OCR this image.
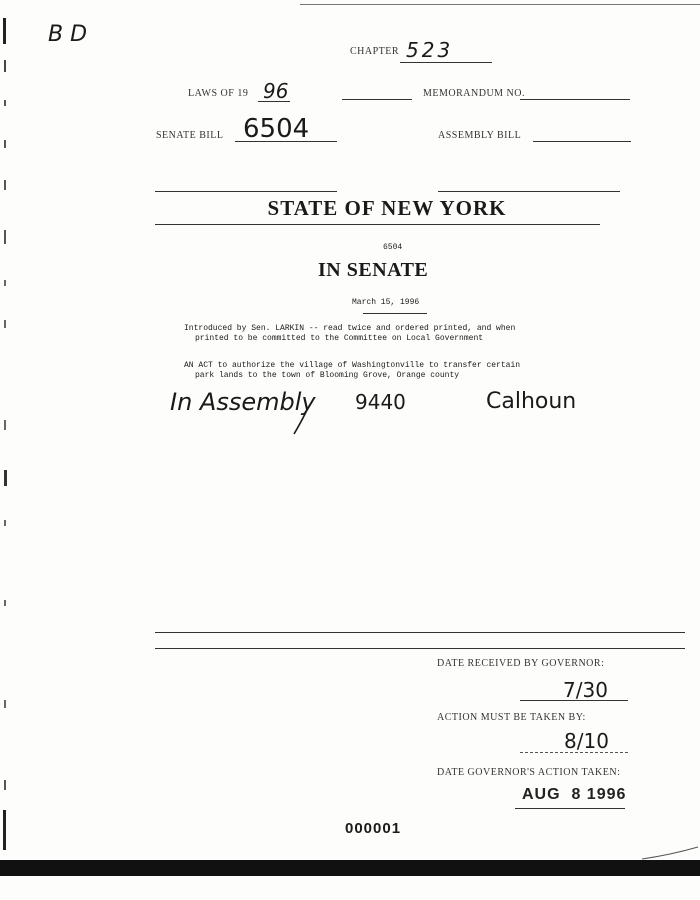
B D
CHAPTER 523
LAWS OF 19 96	MEMORANDUM NO.
SENATE BILL 6504	ASSEMBLY BILL
STATE OF NEW YORK
6504
IN SENATE
March 15, 1996
Introduced by Sen. LARKIN -- read twice and ordered printed, and when
printed to be committed to the Committee on Local Government
AN ACT to authorize the village of Washingtonville to transfer certain
park lands to the town of Blooming Grove, Orange county
In Assembly 9440	Calhoun
DATE RECEIVED BY GOVERNOR:
7/30
ACTION MUST BE TAKEN BY:
8/10
DATE GOVERNOR'S ACTION TAKEN:
AUG  8 1996
000001
